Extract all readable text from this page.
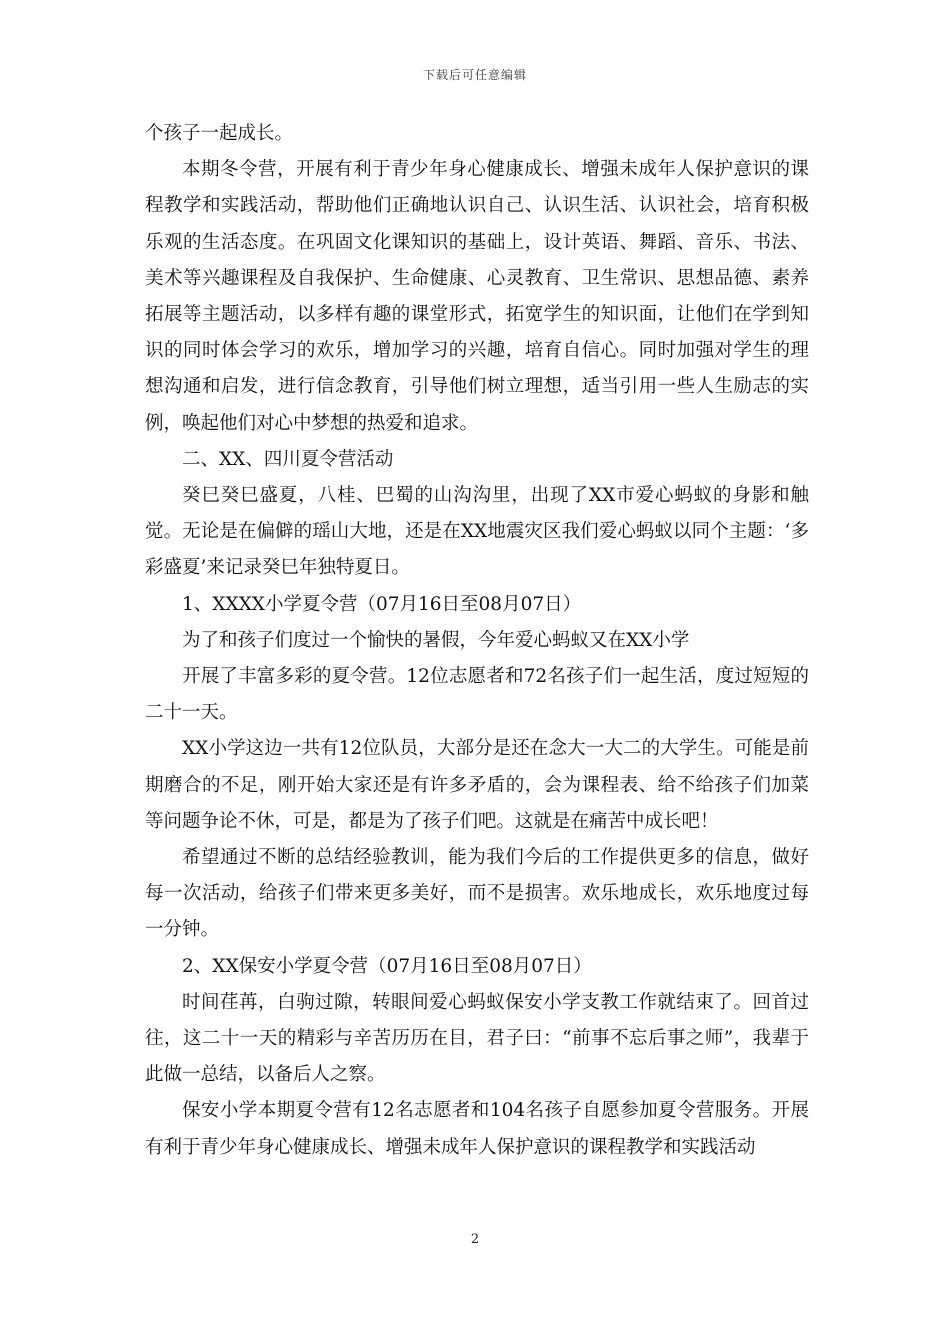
下载后可任意编辑

个孩子一起成长。

本期冬令营，开展有利于青少年身心健康成长、增强未成年人保护意识的课程教学和实践活动，帮助他们正确地认识自己、认识生活、认识社会，培育积极乐观的生活态度。在巩固文化课知识的基础上，设计英语、舞蹈、音乐、书法、美术等兴趣课程及自我保护、生命健康、心灵教育、卫生常识、思想品德、素养拓展等主题活动，以多样有趣的课堂形式，拓宽学生的知识面，让他们在学到知识的同时体会学习的欢乐，增加学习的兴趣，培育自信心。同时加强对学生的理想沟通和启发，进行信念教育，引导他们树立理想，适当引用一些人生励志的实例，唤起他们对心中梦想的热爱和追求。

二、XX、四川夏令营活动

癸巳癸巳盛夏，八桂、巴蜀的山沟沟里，出现了XX市爱心蚂蚁的身影和触觉。无论是在偏僻的瑶山大地，还是在XX地震灾区我们爱心蚂蚁以同个主题：‘多彩盛夏’来记录癸巳年独特夏日。

1、XXXX小学夏令营（07月16日至08月07日）

为了和孩子们度过一个愉快的暑假，今年爱心蚂蚁又在XX小学

开展了丰富多彩的夏令营。12位志愿者和72名孩子们一起生活，度过短短的二十一天。

XX小学这边一共有12位队员，大部分是还在念大一大二的大学生。可能是前期磨合的不足，刚开始大家还是有许多矛盾的，会为课程表、给不给孩子们加菜等问题争论不休，可是，都是为了孩子们吧。这就是在痛苦中成长吧！

希望通过不断的总结经验教训，能为我们今后的工作提供更多的信息，做好每一次活动，给孩子们带来更多美好，而不是损害。欢乐地成长，欢乐地度过每一分钟。

2、XX保安小学夏令营（07月16日至08月07日）

时间荏苒，白驹过隙，转眼间爱心蚂蚁保安小学支教工作就结束了。回首过往，这二十一天的精彩与辛苦历历在目，君子曰：“前事不忘后事之师”，我辈于此做一总结，以备后人之察。

保安小学本期夏令营有12名志愿者和104名孩子自愿参加夏令营服务。开展有利于青少年身心健康成长、增强未成年人保护意识的课程教学和实践活动

2
